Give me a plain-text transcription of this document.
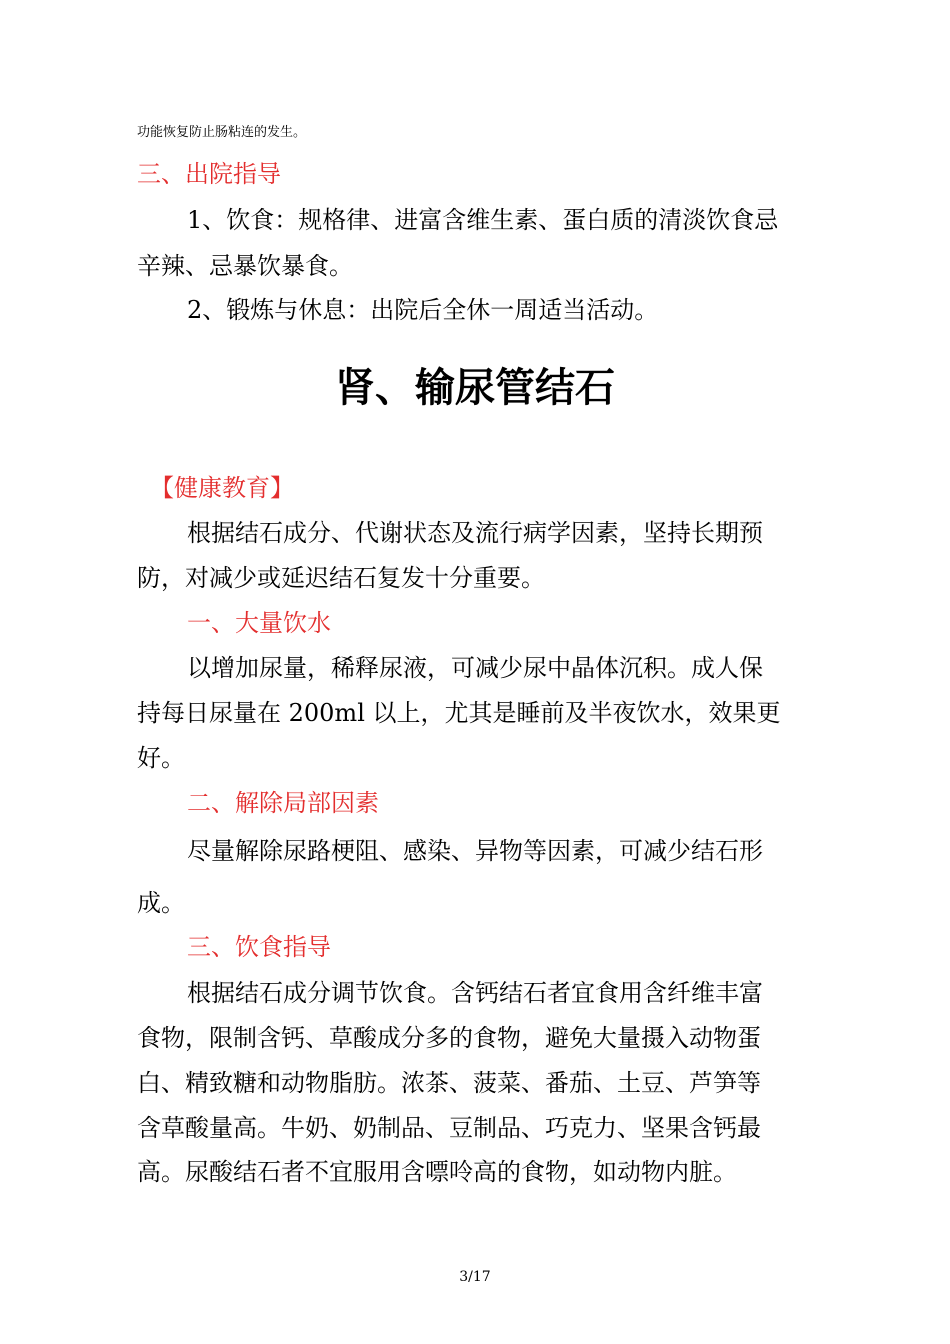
功能恢复防止肠粘连的发生。
三、出院指导
1、饮食：规格律、进富含维生素、蛋白质的清淡饮食忌
辛辣、忌暴饮暴食。
2、锻炼与休息：出院后全休一周适当活动。
肾、输尿管结石
【健康教育】
根据结石成分、代谢状态及流行病学因素，坚持长期预
防，对减少或延迟结石复发十分重要。
一、大量饮水
以增加尿量，稀释尿液，可减少尿中晶体沉积。成人保
持每日尿量在 200ml 以上，尤其是睡前及半夜饮水，效果更
好。
二、解除局部因素
尽量解除尿路梗阻、感染、异物等因素，可减少结石形
成。
三、饮食指导
根据结石成分调节饮食。含钙结石者宜食用含纤维丰富
食物，限制含钙、草酸成分多的食物，避免大量摄入动物蛋
白、精致糖和动物脂肪。浓茶、菠菜、番茄、土豆、芦笋等
含草酸量高。牛奶、奶制品、豆制品、巧克力、坚果含钙最
高。尿酸结石者不宜服用含嘌呤高的食物，如动物内脏。
3/17
